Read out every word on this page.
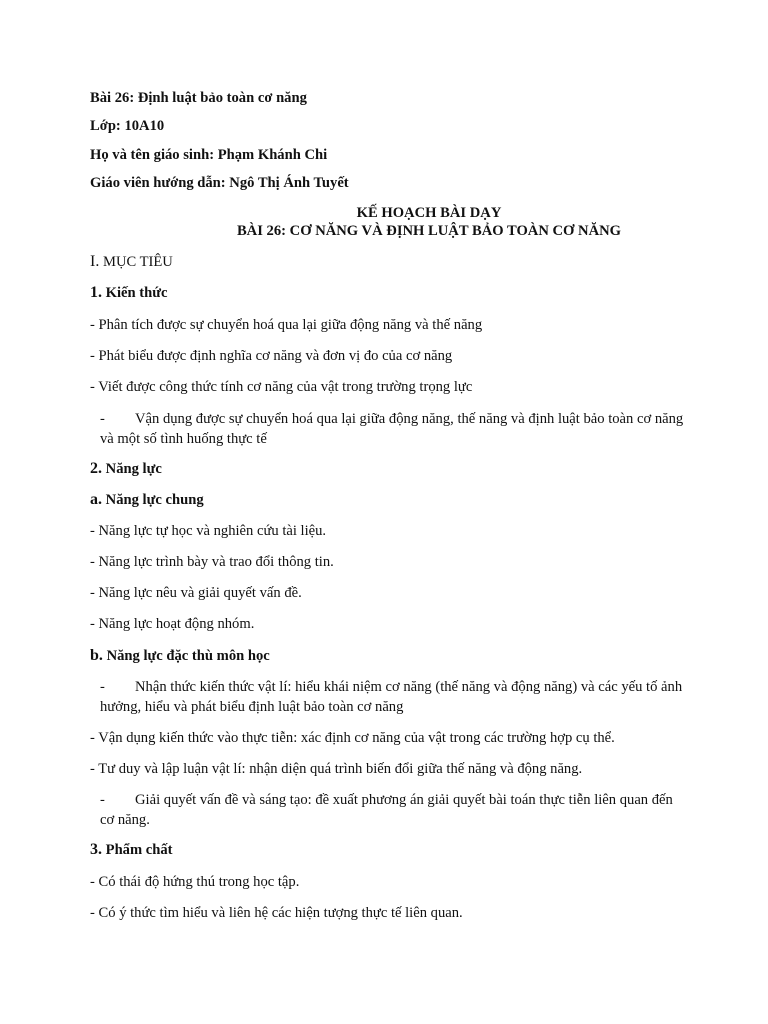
Bài 26: Định luật bảo toàn cơ năng
Lớp: 10A10
Họ và tên giáo sinh: Phạm Khánh Chi
Giáo viên hướng dẫn: Ngô Thị Ánh Tuyết
KẾ HOẠCH BÀI DẠY
BÀI 26: CƠ NĂNG VÀ ĐỊNH LUẬT BẢO TOÀN CƠ NĂNG
I. MỤC TIÊU
1. Kiến thức
- Phân tích được sự chuyển hoá qua lại giữa động năng và thế năng
- Phát biểu được định nghĩa cơ năng và đơn vị đo của cơ năng
- Viết được công thức tính cơ năng của vật trong trường trọng lực
- Vận dụng được sự chuyển hoá qua lại giữa động năng, thế năng và định luật bảo toàn cơ năng và một số tình huống thực tế
2. Năng lực
a. Năng lực chung
- Năng lực tự học và nghiên cứu tài liệu.
- Năng lực trình bày và trao đổi thông tin.
- Năng lực nêu và giải quyết vấn đề.
- Năng lực hoạt động nhóm.
b. Năng lực đặc thù môn học
- Nhận thức kiến thức vật lí: hiểu khái niệm cơ năng (thế năng và động năng) và các yếu tố ảnh hưởng, hiểu và phát biểu định luật bảo toàn cơ năng
- Vận dụng kiến thức vào thực tiễn: xác định cơ năng của vật trong các trường hợp cụ thể.
- Tư duy và lập luận vật lí: nhận diện quá trình biến đổi giữa thế năng và động năng.
- Giải quyết vấn đề và sáng tạo: đề xuất phương án giải quyết bài toán thực tiễn liên quan đến cơ năng.
3. Phẩm chất
- Có thái độ hứng thú trong học tập.
- Có ý thức tìm hiểu và liên hệ các hiện tượng thực tế liên quan.
